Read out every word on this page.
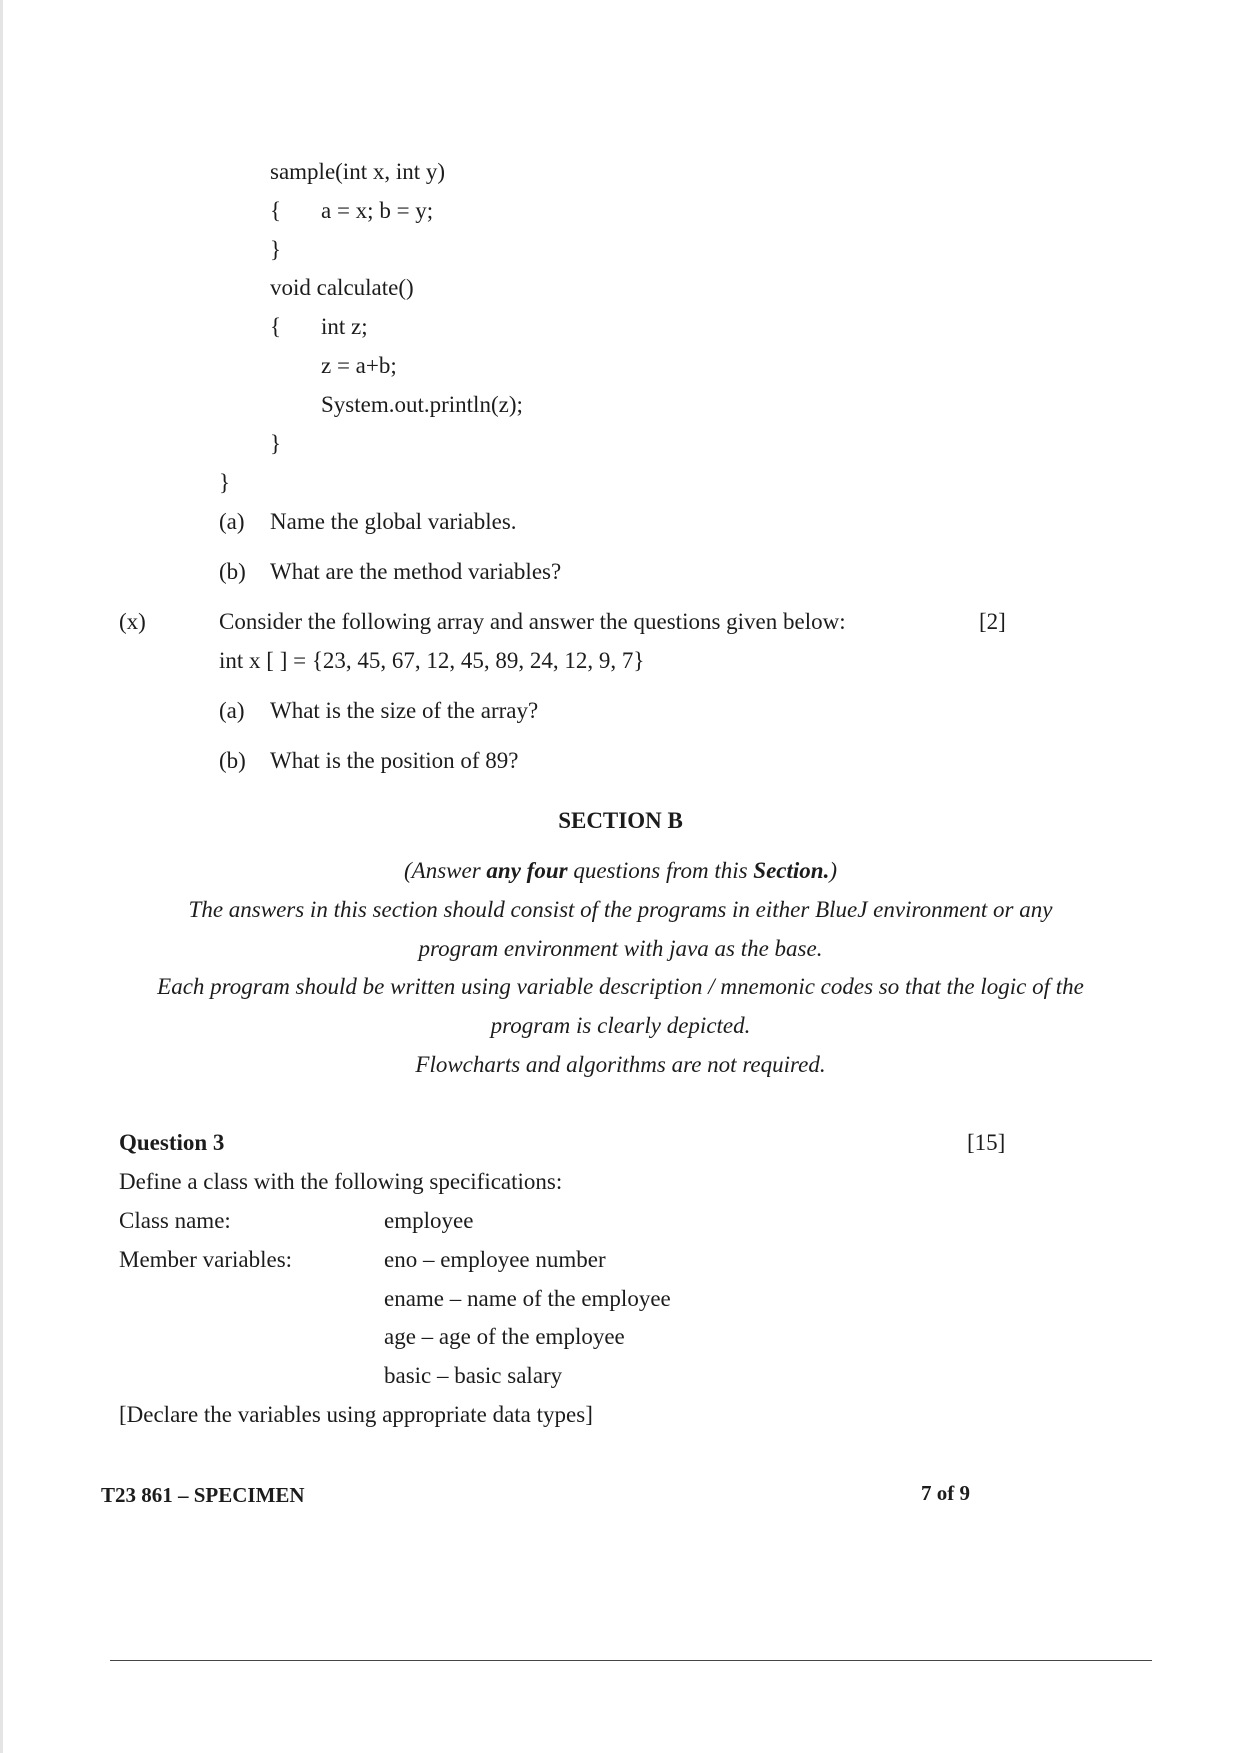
sample(int x, int y)
{ a = x; b = y;
}
void calculate()
{ int z;
z = a+b;
System.out.println(z);
}
}
(a) Name the global variables.
(b) What are the method variables?
(x)	Consider the following array and answer the questions given below:	[2]
int x [ ] = {23, 45, 67, 12, 45, 89, 24, 12, 9, 7}
(a) What is the size of the array?
(b) What is the position of 89?
SECTION B
(Answer any four questions from this Section.)
The answers in this section should consist of the programs in either BlueJ environment or any
program environment with java as the base.
Each program should be written using variable description / mnemonic codes so that the logic of the
program is clearly depicted.
Flowcharts and algorithms are not required.
Question 3	[15]
Define a class with the following specifications:
Class name:	employee
Member variables:	eno – employee number
ename – name of the employee
age – age of the employee
basic – basic salary
[Declare the variables using appropriate data types]
T23 861 – SPECIMEN	7 of 9
